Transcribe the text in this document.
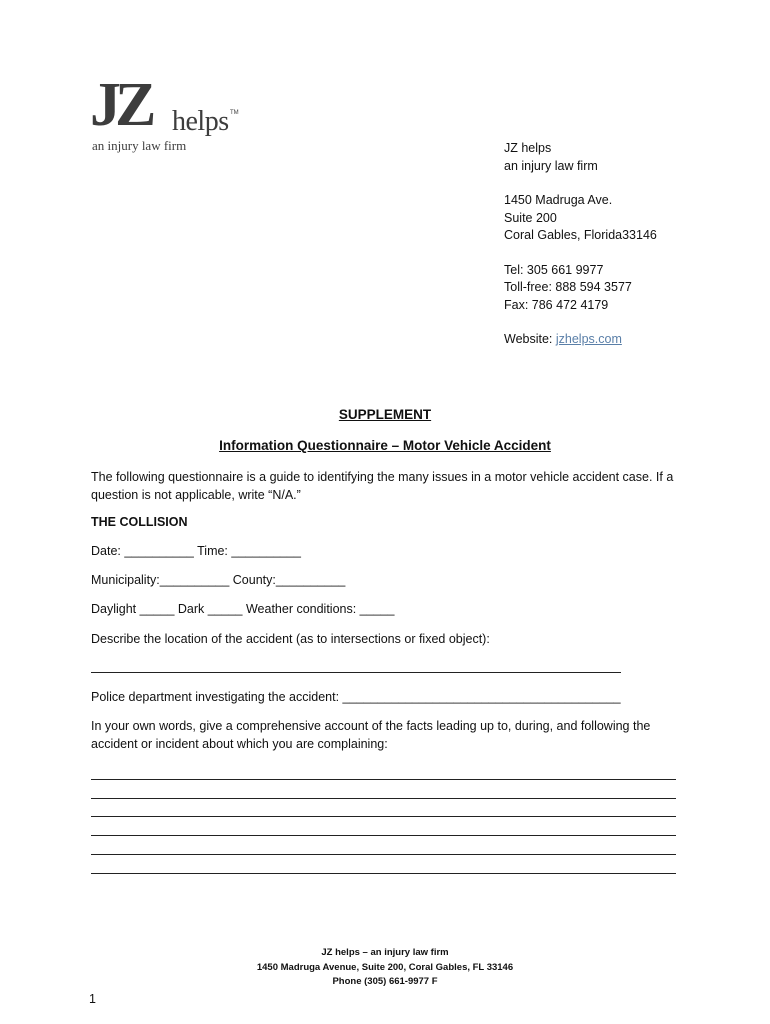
JZ helps TM
an injury law firm	JZ helps
an injury law firm
1450 Madruga Ave.
Suite 200
Coral Gables, Florida33146
Tel: 305 661 9977
Toll-free: 888 594 3577
Fax: 786 472 4179
Website: jzhelps.com
SUPPLEMENT
Information Questionnaire – Motor Vehicle Accident
The following questionnaire is a guide to identifying the many issues in a motor vehicle accident case. If a
question is not applicable, write “N/A.”
THE COLLISION
Date: __________ Time: __________
Municipality:__________ County:__________
Daylight _____ Dark _____ Weather conditions: _____
Describe the location of the accident (as to intersections or fixed object):
Police department investigating the accident: ________________________________________
In your own words, give a comprehensive account of the facts leading up to, during, and following the
accident or incident about which you are complaining:
JZ helps – an injury law firm
1450 Madruga Avenue, Suite 200, Coral Gables, FL 33146
Phone (305) 661-9977 F
1
